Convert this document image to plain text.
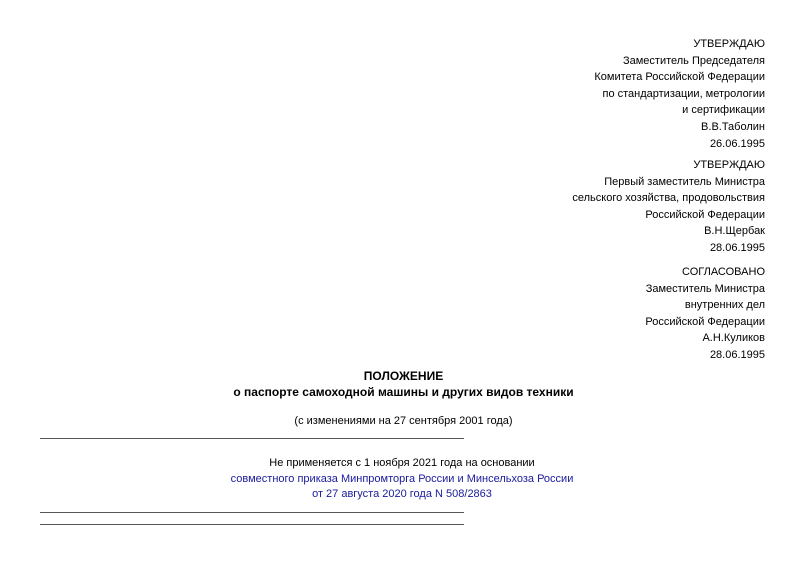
УТВЕРЖДАЮ
Заместитель Председателя
Комитета Российской Федерации
по стандартизации, метрологии
и сертификации
В.В.Таболин
26.06.1995
УТВЕРЖДАЮ
Первый заместитель Министра
сельского хозяйства, продовольствия
Российской Федерации
В.Н.Щербак
28.06.1995
СОГЛАСОВАНО
Заместитель Министра
внутренних дел
Российской Федерации
А.Н.Куликов
28.06.1995
ПОЛОЖЕНИЕ
о паспорте самоходной машины и других видов техники
(с изменениями на 27 сентября 2001 года)
Не применяется с 1 ноября 2021 года на основании
совместного приказа Минпромторга России и Минсельхоза России
от 27 августа 2020 года N 508/2863
